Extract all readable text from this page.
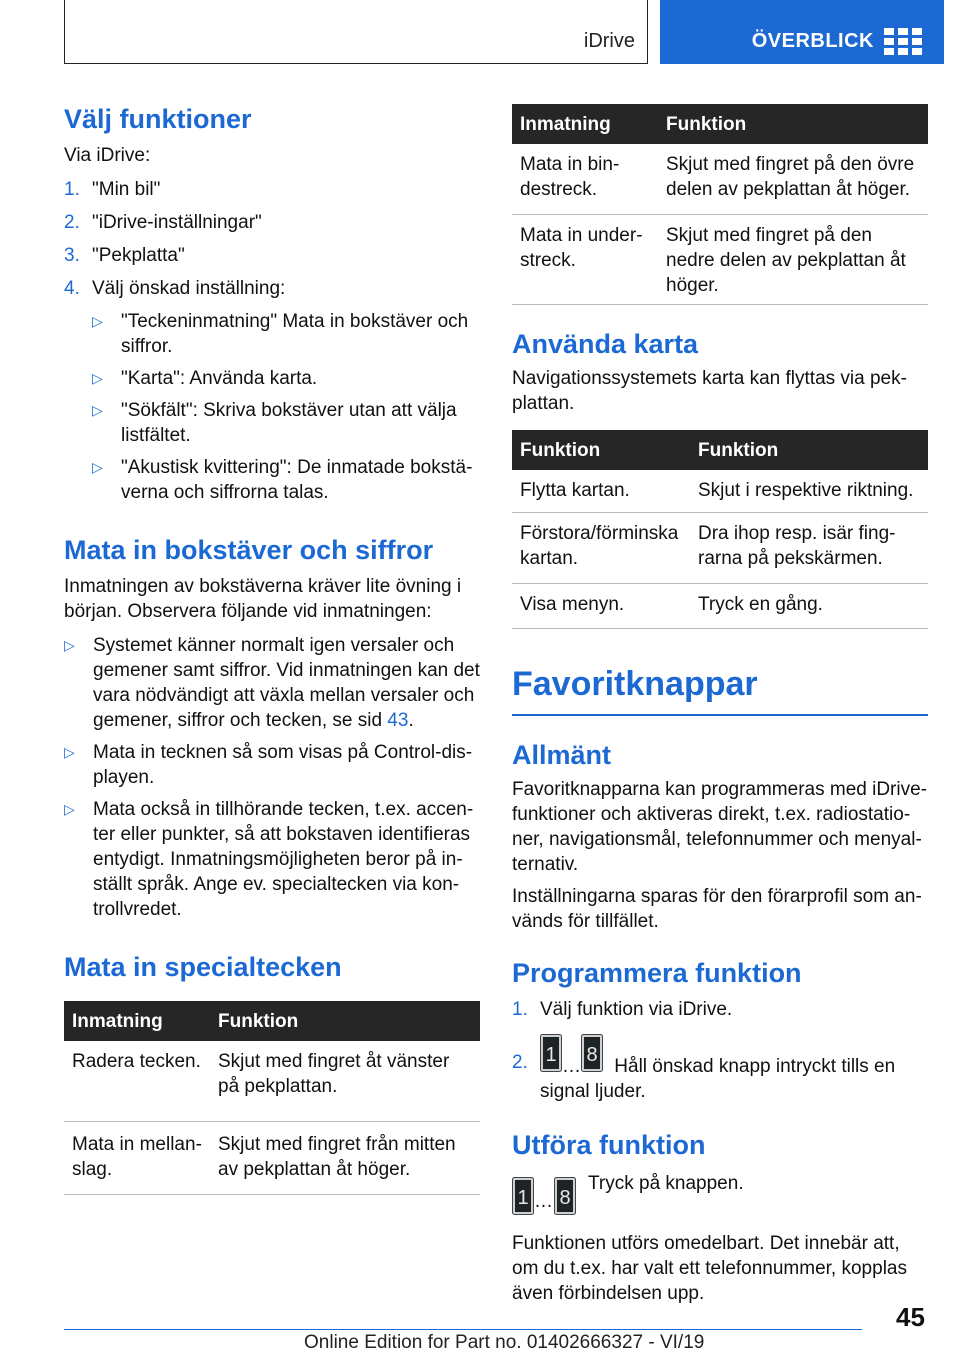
iDrive	ÖVERBLICK
Välj funktioner

Via iDrive:

1. "Min bil"
2. "iDrive-inställningar"
3. "Pekplatta"
4. Välj önskad inställning:
▷ "Teckeninmatning" Mata in bokstäver och siffror.
▷ "Karta": Använda karta.
▷ "Sökfält": Skriva bokstäver utan att välja listfältet.
▷ "Akustisk kvittering": De inmatade bokstäverna och siffrorna talas.
Mata in bokstäver och siffror

Inmatningen av bokstäverna kräver lite övning i början. Observera följande vid inmatningen:

▷ Systemet känner normalt igen versaler och gemener samt siffror. Vid inmatningen kan det vara nödvändigt att växla mellan versaler och gemener, siffror och tecken, se sid 43.
▷ Mata in tecknen så som visas på Control-displayen.
▷ Mata också in tillhörande tecken, t.ex. accenter eller punkter, så att bokstaven identifieras entydigt. Inmatningsmöjligheten beror på inställt språk. Ange ev. specialtecken via kontrollvredet.
Mata in specialtecken
Inmatning	Funktion
Radera tecken.	Skjut med fingret åt vänster på pekplattan.
Mata in mellanslag.	Skjut med fingret från mitten av pekplattan åt höger.
Inmatning	Funktion
Mata in bindestreck.	Skjut med fingret på den övre delen av pekplattan åt höger.
Mata in understreck.	Skjut med fingret på den nedre delen av pekplattan åt höger.
Använda karta

Navigationssystemets karta kan flyttas via pekplattan.

Funktion	Funktion
Flytta kartan.	Skjut i respektive riktning.
Förstora/förminska kartan.	Dra ihop resp. isär fingrarna på pekskärmen.
Visa menyn.	Tryck en gång.
Favoritknappar
Allmänt

Favoritknapparna kan programmeras med iDrive-funktioner och aktiveras direkt, t.ex. radiostationer, navigationsmål, telefonnummer och menyalternativ.

Inställningarna sparas för den förarprofil som används för tillfället.

Programmera funktion
1. Välj funktion via iDrive.
2. 1
…
8
Håll önskad knapp intryckt tills en signal ljuder.
Utföra funktion
1 … 8

Tryck på knappen.

Funktionen utförs omedelbart. Det innebär att, om du t.ex. har valt ett telefonnummer, kopplas även förbindelsen upp.

45
Online Edition for Part no. 01402666327 - VI/19
